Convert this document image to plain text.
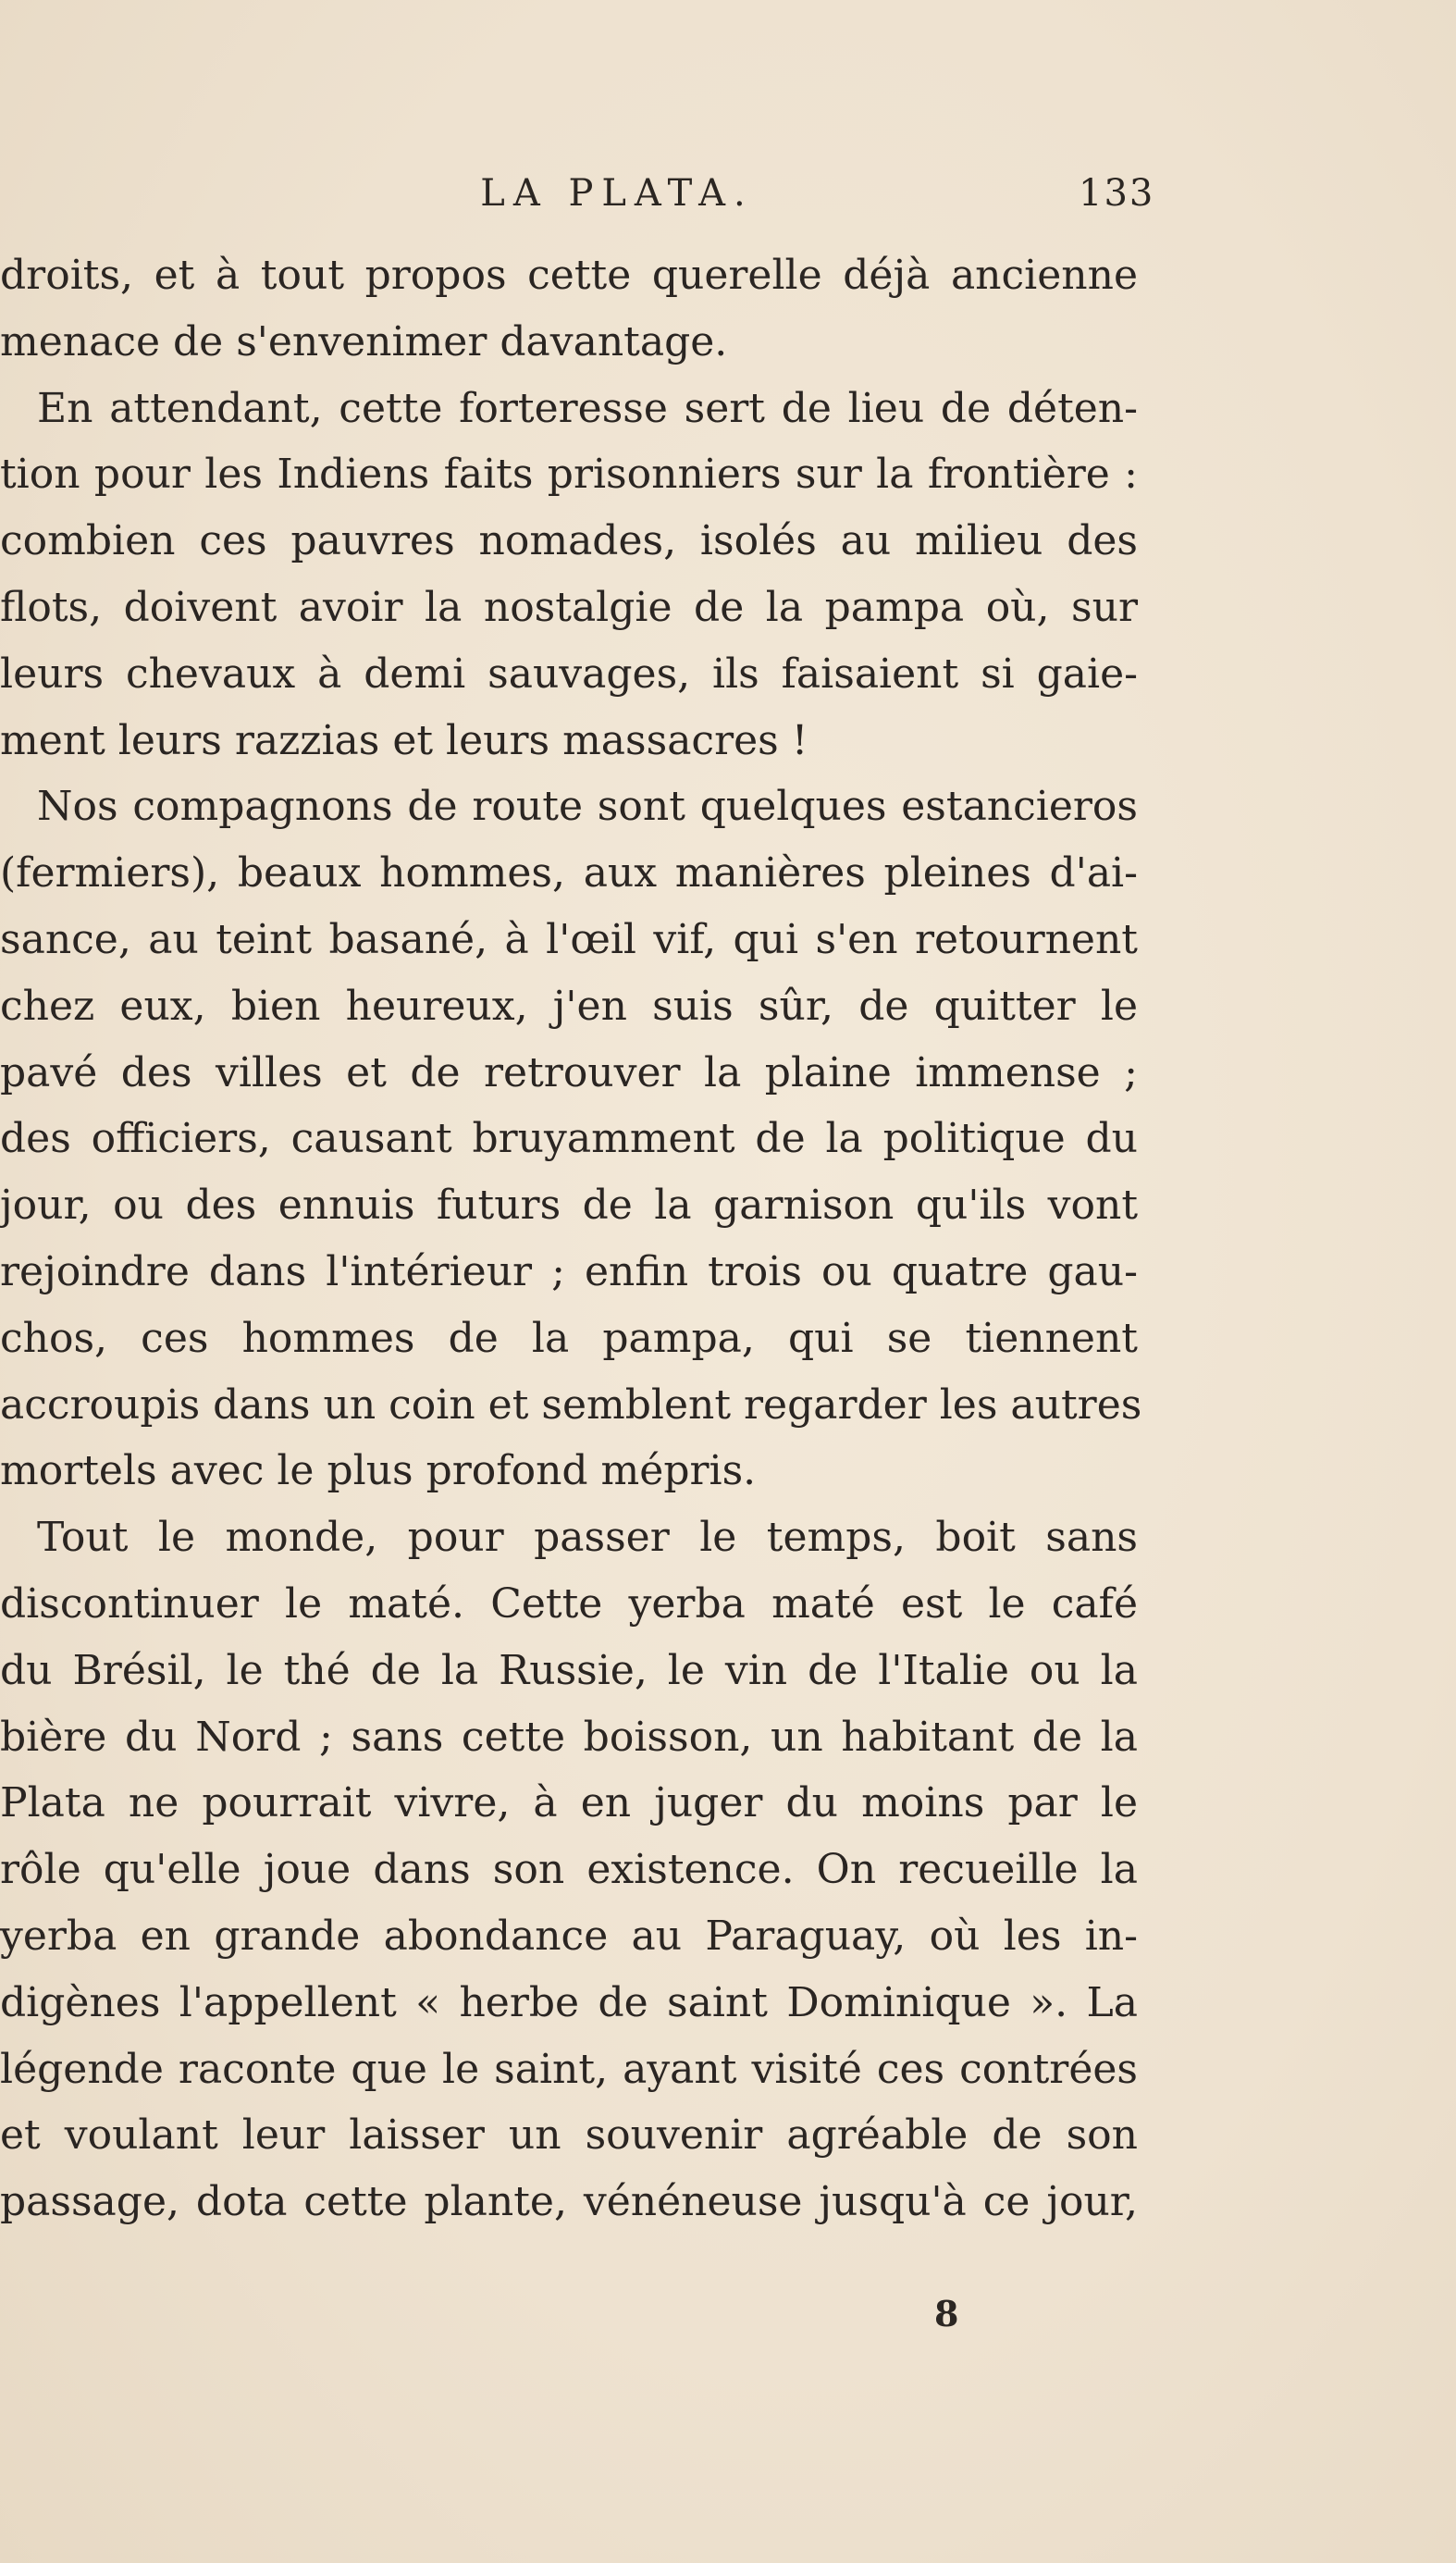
LA PLATA.	133
droits, et à tout propos cette querelle déjà ancienne
menace de s'envenimer davantage.
En attendant, cette forteresse sert de lieu de déten-
tion pour les Indiens faits prisonniers sur la frontière :
combien ces pauvres nomades, isolés au milieu des
flots, doivent avoir la nostalgie de la pampa où, sur
leurs chevaux à demi sauvages, ils faisaient si gaie-
ment leurs razzias et leurs massacres !
Nos compagnons de route sont quelques estancieros
(fermiers), beaux hommes, aux manières pleines d'ai-
sance, au teint basané, à l'œil vif, qui s'en retournent
chez eux, bien heureux, j'en suis sûr, de quitter le
pavé des villes et de retrouver la plaine immense ;
des officiers, causant bruyamment de la politique du
jour, ou des ennuis futurs de la garnison qu'ils vont
rejoindre dans l'intérieur ; enfin trois ou quatre gau-
chos, ces hommes de la pampa, qui se tiennent
accroupis dans un coin et semblent regarder les autres
mortels avec le plus profond mépris.
Tout le monde, pour passer le temps, boit sans
discontinuer le maté. Cette yerba maté est le café
du Brésil, le thé de la Russie, le vin de l'Italie ou la
bière du Nord ; sans cette boisson, un habitant de la
Plata ne pourrait vivre, à en juger du moins par le
rôle qu'elle joue dans son existence. On recueille la
yerba en grande abondance au Paraguay, où les in-
digènes l'appellent « herbe de saint Dominique ». La
légende raconte que le saint, ayant visité ces contrées
et voulant leur laisser un souvenir agréable de son
passage, dota cette plante, vénéneuse jusqu'à ce jour,
8
